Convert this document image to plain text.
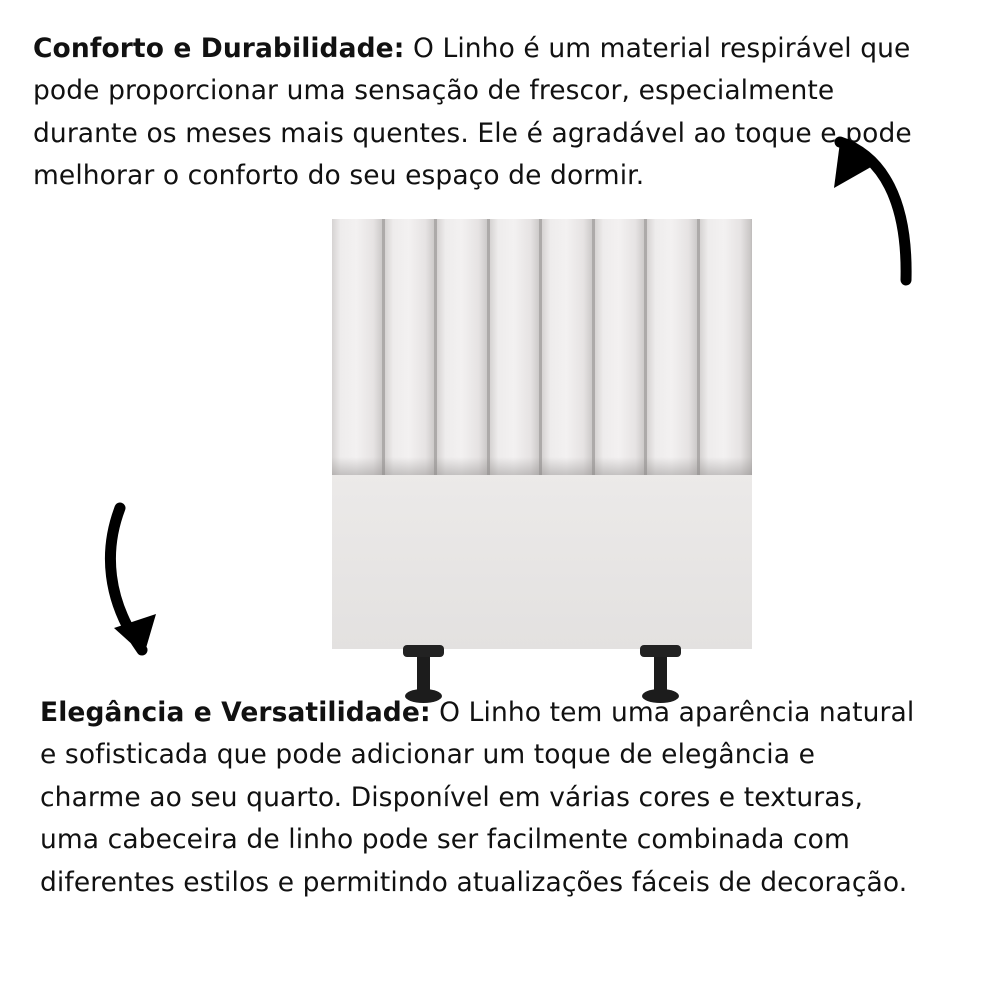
Conforto e Durabilidade: O Linho é um material respirável que pode proporcionar uma sensação de frescor, especialmente durante os meses mais quentes. Ele é agradável ao toque e pode melhorar o conforto do seu espaço de dormir.
Elegância e Versatilidade: O Linho tem uma aparência natural e sofisticada que pode adicionar um toque de elegância e charme ao seu quarto. Disponível em várias cores e texturas, uma cabeceira de linho pode ser facilmente combinada com diferentes estilos e permitindo atualizações fáceis de decoração.
